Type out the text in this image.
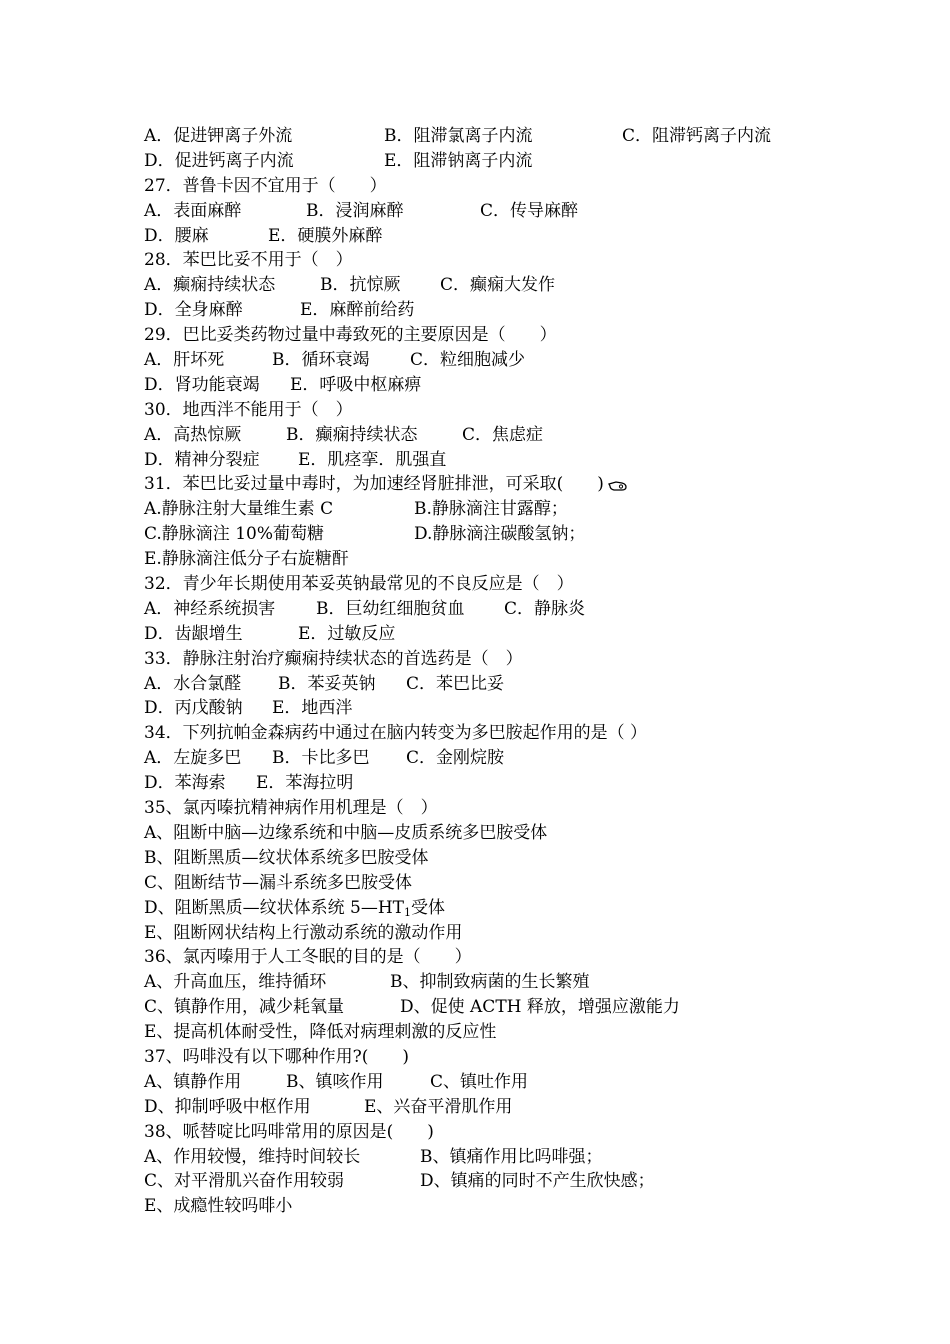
A．促进钾离子外流	B．阻滞氯离子内流	C．阻滞钙离子内流
D．促进钙离子内流	E．阻滞钠离子内流
27．普鲁卡因不宜用于（　　）
A．表面麻醉	B．浸润麻醉	C．传导麻醉
D．腰麻	E．硬膜外麻醉
28．苯巴比妥不用于（　）
A．癫痫持续状态	B．抗惊厥 C．癫痫大发作
D．全身麻醉	E．麻醉前给药
29．巴比妥类药物过量中毒致死的主要原因是（　　）
A．肝坏死	B．循环衰竭 C．粒细胞减少
D．肾功能衰竭 E．呼吸中枢麻痹
30．地西泮不能用于（　）
A．高热惊厥	B．癫痫持续状态	C．焦虑症
D．精神分裂症 E．肌痉挛．肌强直
31．苯巴比妥过量中毒时，为加速经肾脏排泄，可采取(　　)
A.静脉注射大量维生素 C	B.静脉滴注甘露醇；
C.静脉滴注 10%葡萄糖	D.静脉滴注碳酸氢钠；
E.静脉滴注低分子右旋糖酐
32．青少年长期使用苯妥英钠最常见的不良反应是（　）
A．神经系统损害 B．巨幼红细胞贫血 C．静脉炎
D．齿龈增生	E．过敏反应
33．静脉注射治疗癫痫持续状态的首选药是（　）
A．水合氯醛 B．苯妥英钠 C．苯巴比妥
D．丙戊酸钠 E．地西泮
34．下列抗帕金森病药中通过在脑内转变为多巴胺起作用的是（ ）
A．左旋多巴 B．卡比多巴 C．金刚烷胺
D．苯海索 E．苯海拉明
35、氯丙嗪抗精神病作用机理是（　）
A、阻断中脑—边缘系统和中脑—皮质系统多巴胺受体
B、阻断黑质—纹状体系统多巴胺受体
C、阻断结节—漏斗系统多巴胺受体
D、阻断黑质—纹状体系统 5—HT1受体
E、阻断网状结构上行激动系统的激动作用
36、氯丙嗪用于人工冬眠的目的是（　　）
A、升高血压，维持循环	B、抑制致病菌的生长繁殖
C、镇静作用，减少耗氧量	D、促使 ACTH 释放，增强应激能力
E、提高机体耐受性，降低对病理刺激的反应性
37、吗啡没有以下哪种作用?(　　)
A、镇静作用	B、镇咳作用	C、镇吐作用
D、抑制呼吸中枢作用	E、兴奋平滑肌作用
38、哌替啶比吗啡常用的原因是(　　)
A、作用较慢，维持时间较长	B、镇痛作用比吗啡强；
C、对平滑肌兴奋作用较弱	D、镇痛的同时不产生欣快感；
E、成瘾性较吗啡小
